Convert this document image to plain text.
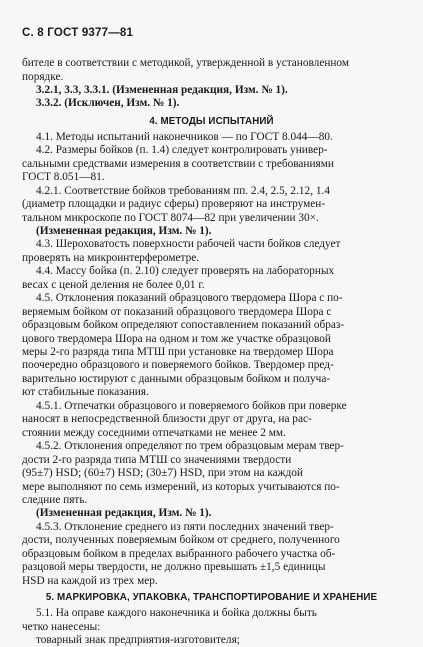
С. 8 ГОСТ 9377—81
бителе в соответствии с методикой, утвержденной в установленном
порядке.
3.2.1, 3.3, 3.3.1. (Измененная редакция, Изм. № 1).
3.3.2. (Исключен, Изм. № 1).
4. МЕТОДЫ ИСПЫТАНИЙ
4.1. Методы испытаний наконечников — по ГОСТ 8.044—80.
4.2. Размеры бойков (п. 1.4) следует контролировать универ-
сальными средствами измерения в соответствии с требованиями
ГОСТ 8.051—81.
4.2.1. Соответствие бойков требованиям пп. 2.4, 2.5, 2.12, 1.4
(диаметр площадки и радиус сферы) проверяют на инструмен-
тальном микроскопе по ГОСТ 8074—82 при увеличении 30×.
(Измененная редакция, Изм. № 1).
4.3. Шероховатость поверхности рабочей части бойков следует
проверять на микроинтерферометре.
4.4. Массу бойка (п. 2.10) следует проверять на лабораторных
весах с ценой деления не более 0,01 г.
4.5. Отклонения показаний образцового твердомера Шора с по-
веряемым бойком от показаний образцового твердомера Шора с
образцовым бойком определяют сопоставлением показаний образ-
цового твердомера Шора на одном и том же участке образцовой
меры 2-го разряда типа МТШ при установке на твердомер Шора
поочередно образцового и поверяемого бойков. Твердомер пред-
варительно юстируют с данными образцовым бойком и получа-
ют стабильные показания.
4.5.1. Отпечатки образцового и поверяемого бойков при поверке
наносят в непосредственной близости друг от друга, на рас-
стоянии между соседними отпечатками не менее 2 мм.
4.5.2. Отклонения определяют по трем образцовым мерам твер-
дости 2-го разряда типа МТШ со значениями твердости
(95±7) HSD; (60±7) HSD; (30±7) HSD, при этом на каждой
мере выполняют по семь измерений, из которых учитываются по-
следние пять.
(Измененная редакция, Изм. № 1).
4.5.3. Отклонение среднего из пяти последних значений твер-
дости, полученных поверяемым бойком от среднего, полученного
образцовым бойком в пределах выбранного рабочего участка об-
разцовой меры твердости, не должно превышать ±1,5 единицы
HSD на каждой из трех мер.
5. МАРКИРОВКА, УПАКОВКА, ТРАНСПОРТИРОВАНИЕ И ХРАНЕНИЕ
5.1. На оправе каждого наконечника и бойка должны быть
четко нанесены:
товарный знак предприятия-изготовителя;
